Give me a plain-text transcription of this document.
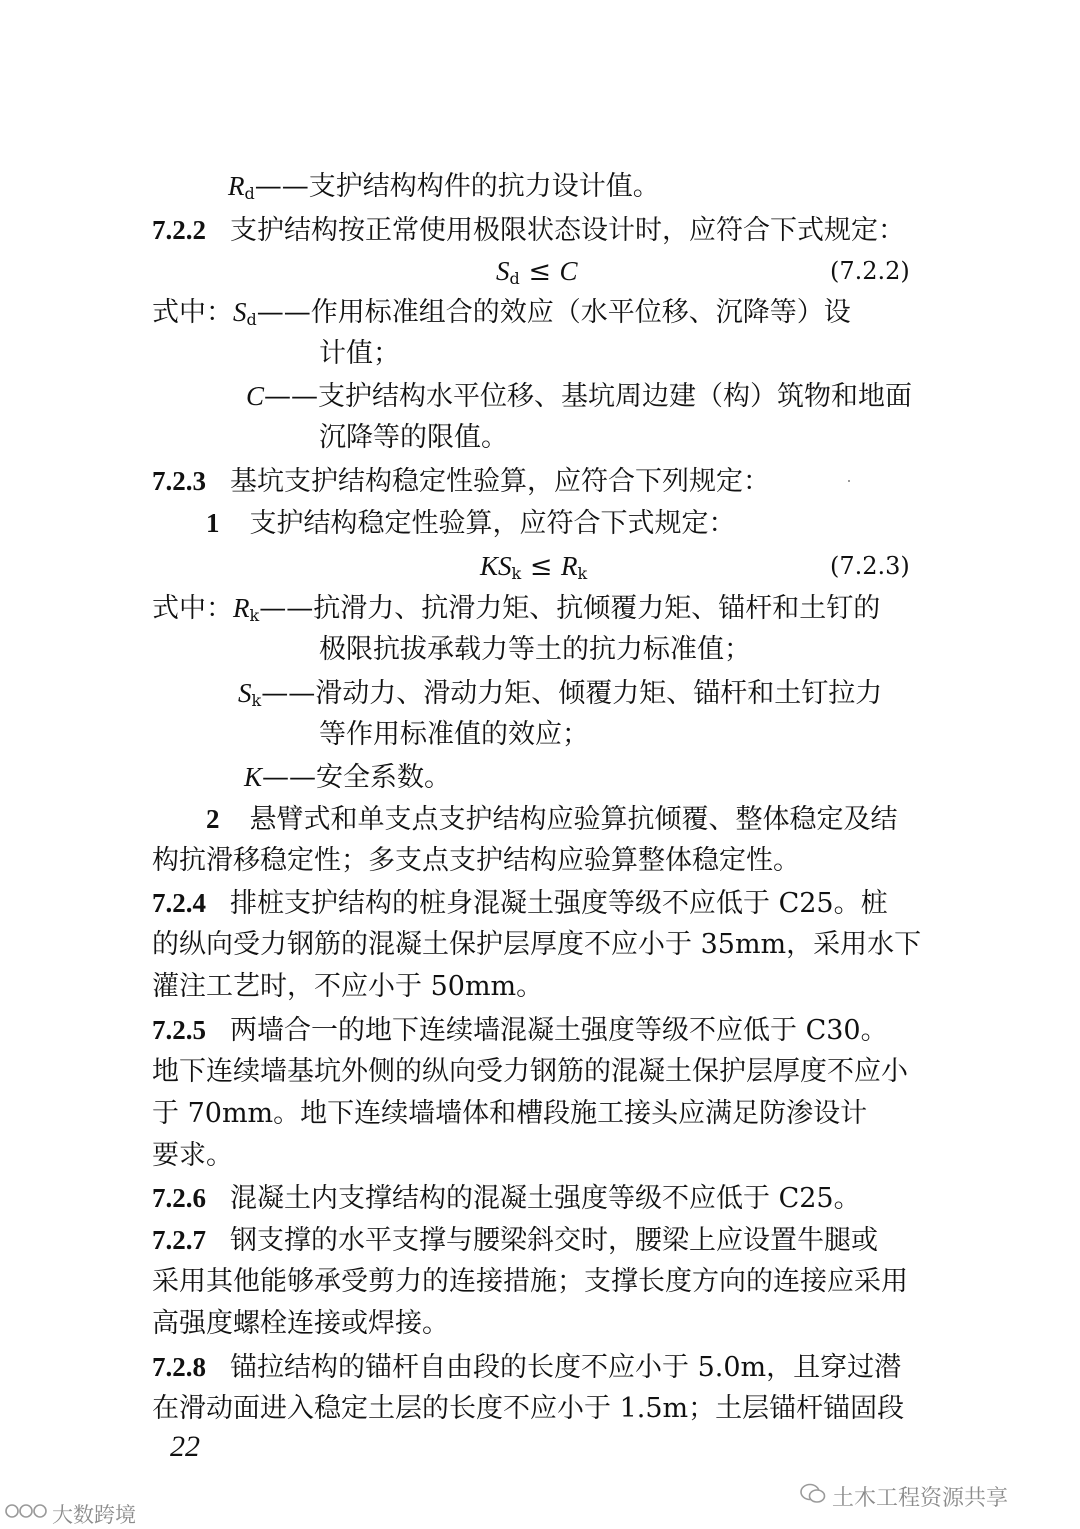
$R_d——$支护结构构件的抗力设计值。
7.2.2 支护结构按正常使用极限状态设计时，应符合下式规定：
$S_d \le C$	(7.2.2)
式中：$S_d——$作用标准组合的效应（水平位移、沉降等）设
计值；
C——支护结构水平位移、基坑周边建（构）筑物和地面
沉降等的限值。
7.2.3 基坑支护结构稳定性验算，应符合下列规定：
1 支护结构稳定性验算，应符合下式规定：
$KS_k \le R_k$	(7.2.3)
式中：$R_k——$抗滑力、抗滑力矩、抗倾覆力矩、锚杆和土钉的
极限抗拔承载力等土的抗力标准值；
$S_k——$滑动力、滑动力矩、倾覆力矩、锚杆和土钉拉力
等作用标准值的效应；
K——安全系数。
2 悬臂式和单支点支护结构应验算抗倾覆、整体稳定及结
构抗滑移稳定性；多支点支护结构应验算整体稳定性。
7.2.4 排桩支护结构的桩身混凝土强度等级不应低于 C25。桩
的纵向受力钢筋的混凝土保护层厚度不应小于 35mm，采用水下
灌注工艺时，不应小于 50mm。
7.2.5 两墙合一的地下连续墙混凝土强度等级不应低于 C30。
地下连续墙基坑外侧的纵向受力钢筋的混凝土保护层厚度不应小
于 70mm。地下连续墙墙体和槽段施工接头应满足防渗设计
要求。
7.2.6 混凝土内支撑结构的混凝土强度等级不应低于 C25。
7.2.7 钢支撑的水平支撑与腰梁斜交时，腰梁上应设置牛腿或
采用其他能够承受剪力的连接措施；支撑长度方向的连接应采用
高强度螺栓连接或焊接。
7.2.8 锚拉结构的锚杆自由段的长度不应小于 5.0m，且穿过潜
在滑动面进入稳定土层的长度不应小于 1.5m；土层锚杆锚固段
22
土木工程资源共享
大数跨境
